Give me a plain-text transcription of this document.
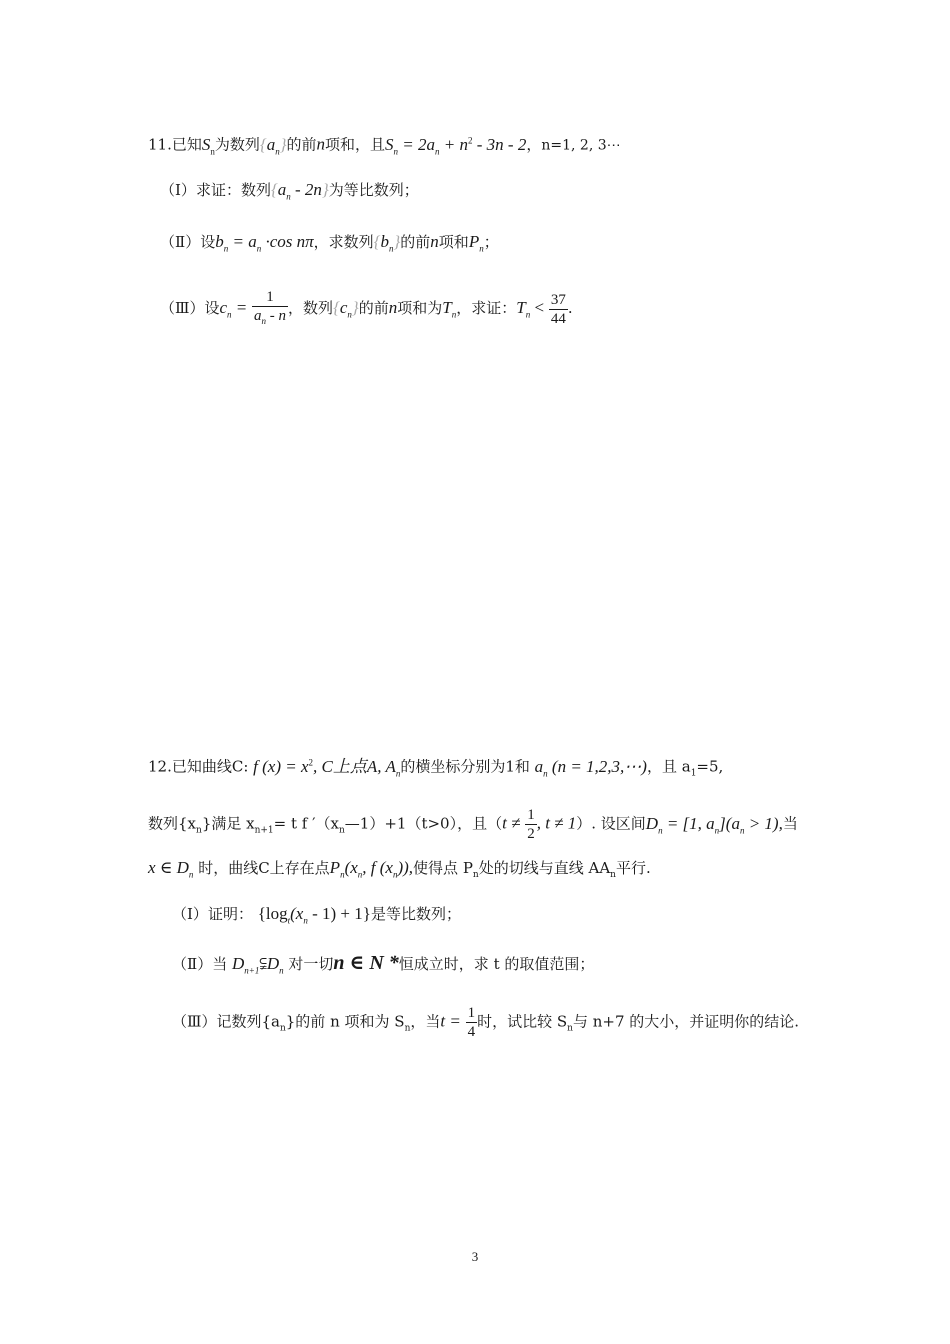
11.已知$S_n$为数列$\{a_n\}$的前n项和，且$S_n = 2a_n + n^2 - 3n - 2$，n=1, 2, 3⋯
（Ⅰ）求证：数列$\{a_n - 2n\}$为等比数列；
（Ⅱ）设$b_n = a_n \cdot\cos$ nπ，求数列$\{b_n\}$的前n项和$P_n$；
（Ⅲ）设$c_n = \frac{1}{a_n - n}$ ，数列$\{c_n\}$的前n项和为$T_n$，求证：$T_n < \frac{37}{44}$ .
12.已知曲线C: f $(x) = x^2$, C上点A, $A_n$的横坐标分别为1和 $a_n$ (n = 1,2,3,⋯)，且 $a_1=5$,
数列$\{x_n\}$满足 $x_{n+1}= t$ f $'(x_n—1)+1(t>0)$，且（$t \ne \frac{1}{2}$ , t ≠ 1）. 设区间$D_n = [1$, $a_n](a_n > 1)$,当
x ∈ $D_n$ 时，曲线C上存在点$P_n(x_n$, f $(x_n)$),使得点 $P_n$处的切线与直线 $AA_n$平行.
（Ⅰ）证明： $\{\log_t(x_n - 1) + 1\}$是等比数列；
（Ⅱ）当 $D_{n+1}⫋D_n$ 对一切n ∈ N *恒成立时，求 t 的取值范围；
（Ⅲ）记数列$\{a_n\}$的前 n 项和为 $S_n$，当$t = \frac{1}{4}$ 时，试比较 $S_n$与 n+7 的大小，并证明你的结论.
3
